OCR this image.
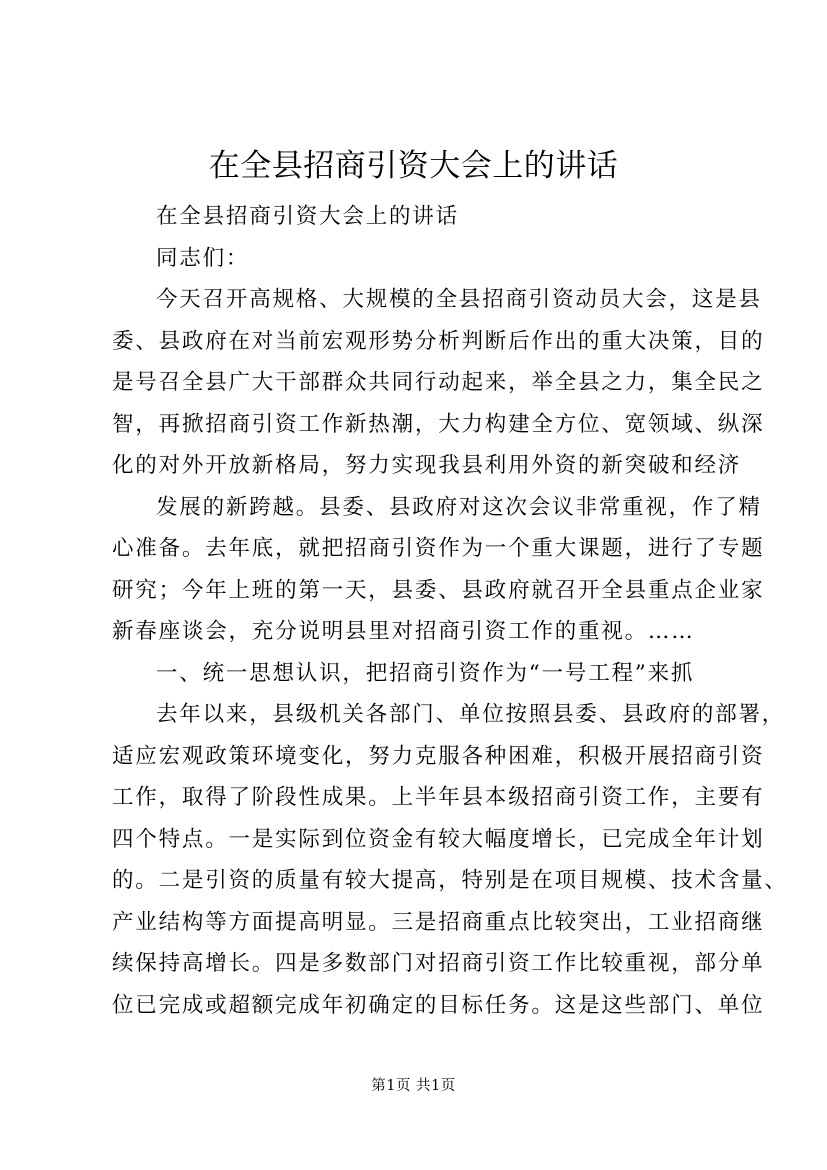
在全县招商引资大会上的讲话
在全县招商引资大会上的讲话
同志们：
今天召开高规格、大规模的全县招商引资动员大会，这是县
委、县政府在对当前宏观形势分析判断后作出的重大决策，目的
是号召全县广大干部群众共同行动起来，举全县之力，集全民之
智，再掀招商引资工作新热潮，大力构建全方位、宽领域、纵深
化的对外开放新格局，努力实现我县利用外资的新突破和经济
发展的新跨越。县委、县政府对这次会议非常重视，作了精
心准备。去年底，就把招商引资作为一个重大课题，进行了专题
研究；今年上班的第一天，县委、县政府就召开全县重点企业家
新春座谈会，充分说明县里对招商引资工作的重视。……
一、统一思想认识，把招商引资作为“一号工程”来抓
去年以来，县级机关各部门、单位按照县委、县政府的部署，
适应宏观政策环境变化，努力克服各种困难，积极开展招商引资
工作，取得了阶段性成果。上半年县本级招商引资工作，主要有
四个特点。一是实际到位资金有较大幅度增长，已完成全年计划
的。二是引资的质量有较大提高，特别是在项目规模、技术含量、
产业结构等方面提高明显。三是招商重点比较突出，工业招商继
续保持高增长。四是多数部门对招商引资工作比较重视，部分单
位已完成或超额完成年初确定的目标任务。这是这些部门、单位
第1页 共1页
